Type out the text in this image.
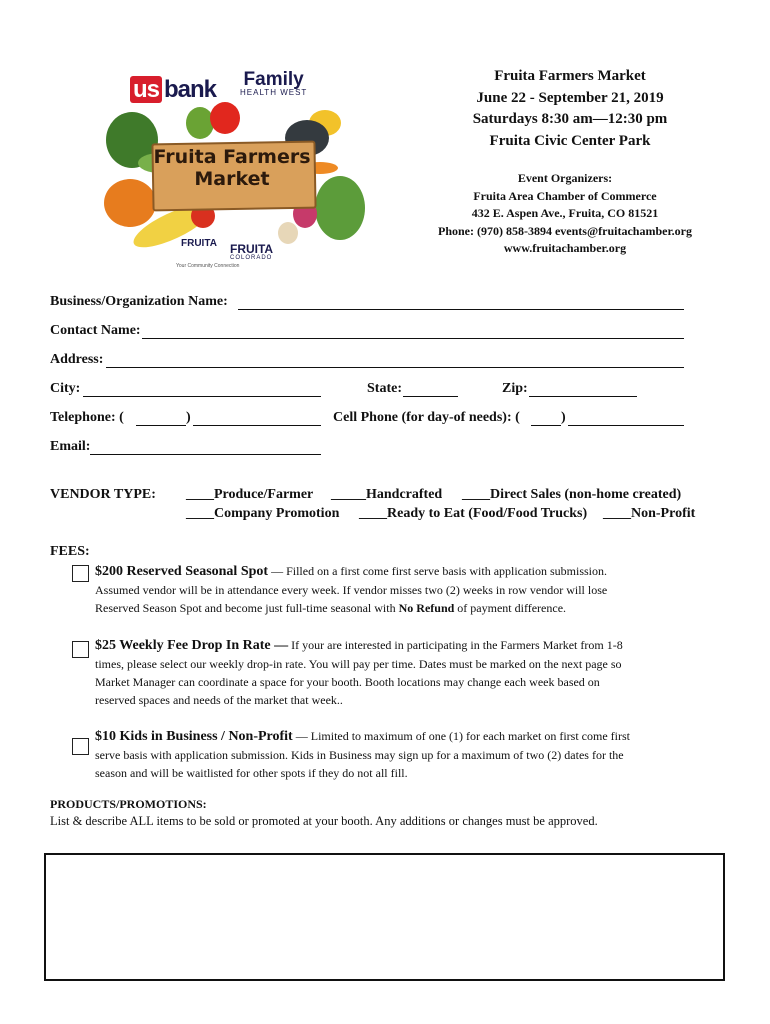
us bank Family
HEALTH WEST
Fruita Farmers
Market
FRUITA FRUITA
COLORADO
Your Community Connection
Fruita Farmers Market
June 22 - September 21, 2019
Saturdays 8:30 am—12:30 pm
Fruita Civic Center Park
Event Organizers:
Fruita Area Chamber of Commerce
432 E. Aspen Ave., Fruita, CO 81521
Phone: (970) 858-3894 events@fruitachamber.org
www.fruitachamber.org
Business/Organization Name:
Contact Name:
Address:
City:	State:	Zip:
Telephone: (	)	Cell Phone (for day-of needs): (	)
Email:
VENDOR TYPE: ____Produce/Farmer _____Handcrafted ____Direct Sales (non-home created)
____Company Promotion ____Ready to Eat (Food/Food Trucks) ____Non-Profit
FEES:
$200 Reserved Seasonal Spot — Filled on a first come first serve basis with application submission.
Assumed vendor will be in attendance every week. If vendor misses two (2) weeks in row vendor will lose
Reserved Season Spot and become just full-time seasonal with No Refund of payment difference.
$25 Weekly Fee Drop In Rate — If your are interested in participating in the Farmers Market from 1-8
times, please select our weekly drop-in rate. You will pay per time. Dates must be marked on the next page so
Market Manager can coordinate a space for your booth. Booth locations may change each week based on
reserved spaces and needs of the market that week..
$10 Kids in Business / Non-Profit — Limited to maximum of one (1) for each market on first come first
serve basis with application submission. Kids in Business may sign up for a maximum of two (2) dates for the
season and will be waitlisted for other spots if they do not all fill.
PRODUCTS/PROMOTIONS:
List & describe ALL items to be sold or promoted at your booth. Any additions or changes must be approved.
